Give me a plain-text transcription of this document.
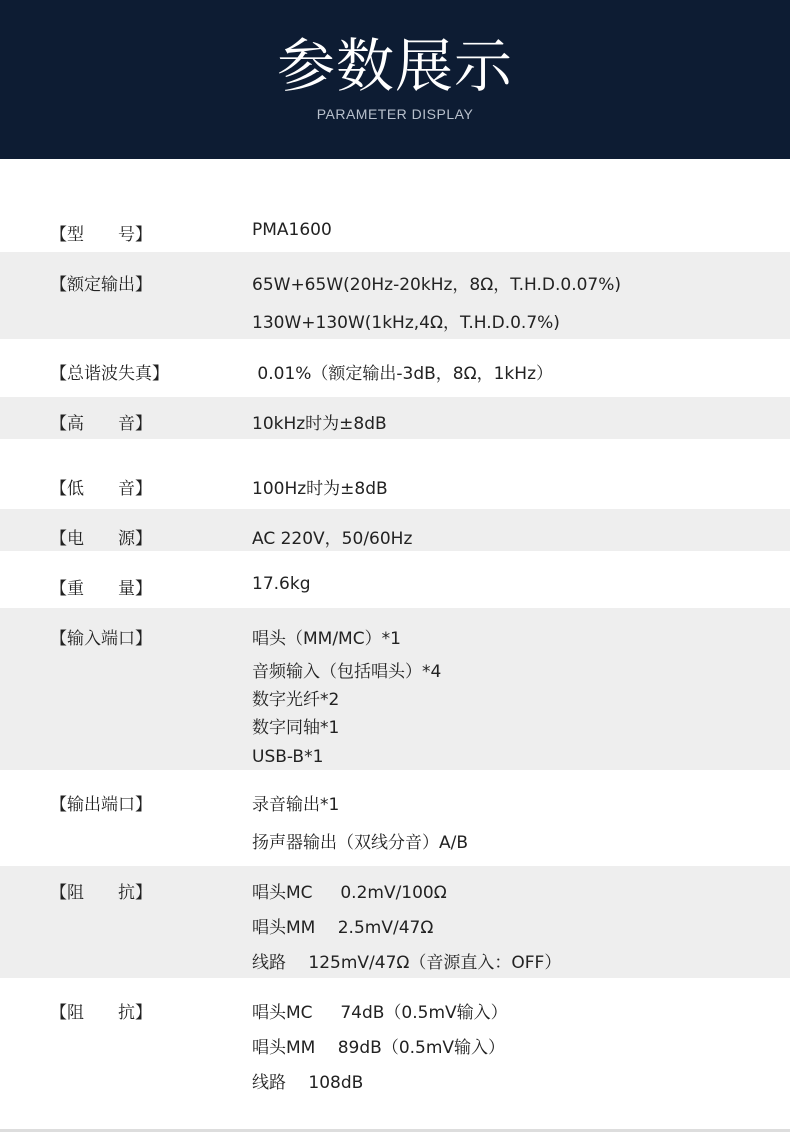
参数展示
PARAMETER DISPLAY
【型　　号】	PMA1600
【额定输出】	65W+65W(20Hz-20kHz，8Ω，T.H.D.0.07%)
130W+130W(1kHz,4Ω，T.H.D.0.7%)
【总谐波失真】	0.01%（额定输出-3dB，8Ω，1kHz）
【高　　音】	10kHz时为±8dB
【低　　音】	100Hz时为±8dB
【电　　源】	AC 220V，50/60Hz
【重　　量】	17.6kg
【输入端口】	唱头（MM/MC）*1
音频输入（包括唱头）*4
数字光纤*2
数字同轴*1
USB-B*1
【输出端口】	录音输出*1
扬声器输出（双线分音）A/B
【阻　　抗】	唱头MC　  0.2mV/100Ω
唱头MM　 2.5mV/47Ω
线路　 125mV/47Ω（音源直入：OFF）
【阻　　抗】	唱头MC　  74dB（0.5mV输入）
唱头MM　 89dB（0.5mV输入）
线路　 108dB
